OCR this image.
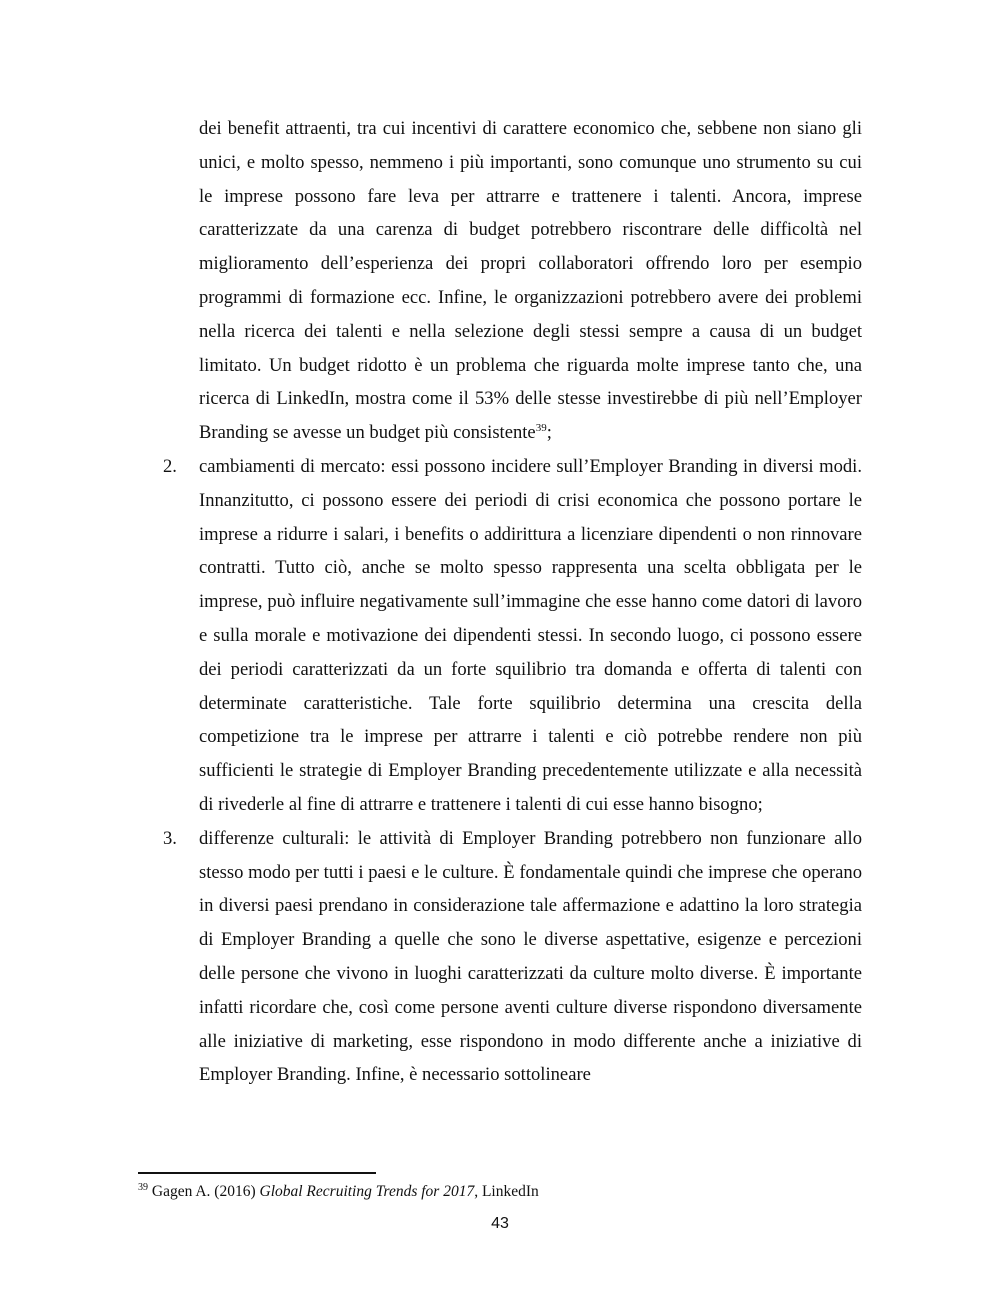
dei benefit attraenti, tra cui incentivi di carattere economico che, sebbene non siano gli unici, e molto spesso, nemmeno i più importanti, sono comunque uno strumento su cui le imprese possono fare leva per attrarre e trattenere i talenti. Ancora, imprese caratterizzate da una carenza di budget potrebbero riscontrare delle difficoltà nel miglioramento dell’esperienza dei propri collaboratori offrendo loro per esempio programmi di formazione ecc. Infine, le organizzazioni potrebbero avere dei problemi nella ricerca dei talenti e nella selezione degli stessi sempre a causa di un budget limitato. Un budget ridotto è un problema che riguarda molte imprese tanto che, una ricerca di LinkedIn, mostra come il 53% delle stesse investirebbe di più nell’Employer Branding se avesse un budget più consistente$^{39}$;

2.	cambiamenti di mercato: essi possono incidere sull’Employer Branding in diversi modi. Innanzitutto, ci possono essere dei periodi di crisi economica che possono portare le imprese a ridurre i salari, i benefits o addirittura a licenziare dipendenti o non rinnovare contratti. Tutto ciò, anche se molto spesso rappresenta una scelta obbligata per le imprese, può influire negativamente sull’immagine che esse hanno come datori di lavoro e sulla morale e motivazione dei dipendenti stessi. In secondo luogo, ci possono essere dei periodi caratterizzati da un forte squilibrio tra domanda e offerta di talenti con determinate caratteristiche. Tale forte squilibrio determina una crescita della competizione tra le imprese per attrarre i talenti e ciò potrebbe rendere non più sufficienti le strategie di Employer Branding precedentemente utilizzate e alla necessità di rivederle al fine di attrarre e trattenere i talenti di cui esse hanno bisogno;
3.	differenze culturali: le attività di Employer Branding potrebbero non funzionare allo stesso modo per tutti i paesi e le culture. È fondamentale quindi che imprese che operano in diversi paesi prendano in considerazione tale affermazione e adattino la loro strategia di Employer Branding a quelle che sono le diverse aspettative, esigenze e percezioni delle persone che vivono in luoghi caratterizzati da culture molto diverse. È importante infatti ricordare che, così come persone aventi culture diverse rispondono diversamente alle iniziative di marketing, esse rispondono in modo differente anche a iniziative di Employer Branding. Infine, è necessario sottolineare
$^{39}$ Gagen A. (2016) Global Recruiting Trends for 2017, LinkedIn
43
